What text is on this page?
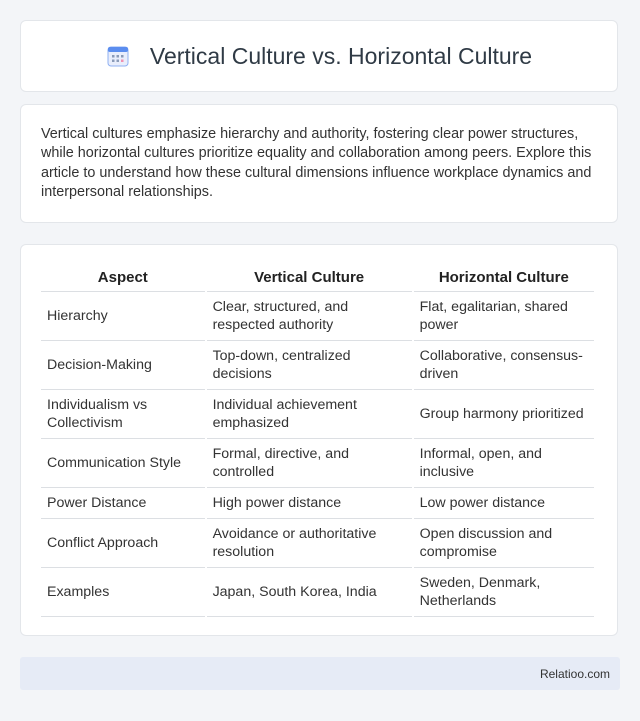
Vertical Culture vs. Horizontal Culture

Vertical cultures emphasize hierarchy and authority, fostering clear power structures, while horizontal cultures prioritize equality and collaboration among peers. Explore this article to understand how these cultural dimensions influence workplace dynamics and interpersonal relationships.

Aspect	Vertical Culture	Horizontal Culture
Hierarchy	Clear, structured, and respected authority	Flat, egalitarian, shared power
Decision-Making	Top-down, centralized decisions	Collaborative, consensus-driven
Individualism vs Collectivism	Individual achievement emphasized	Group harmony prioritized
Communication Style	Formal, directive, and controlled	Informal, open, and inclusive
Power Distance	High power distance	Low power distance
Conflict Approach	Avoidance or authoritative resolution	Open discussion and compromise
Examples	Japan, South Korea, India	Sweden, Denmark, Netherlands
Relatioo.com
